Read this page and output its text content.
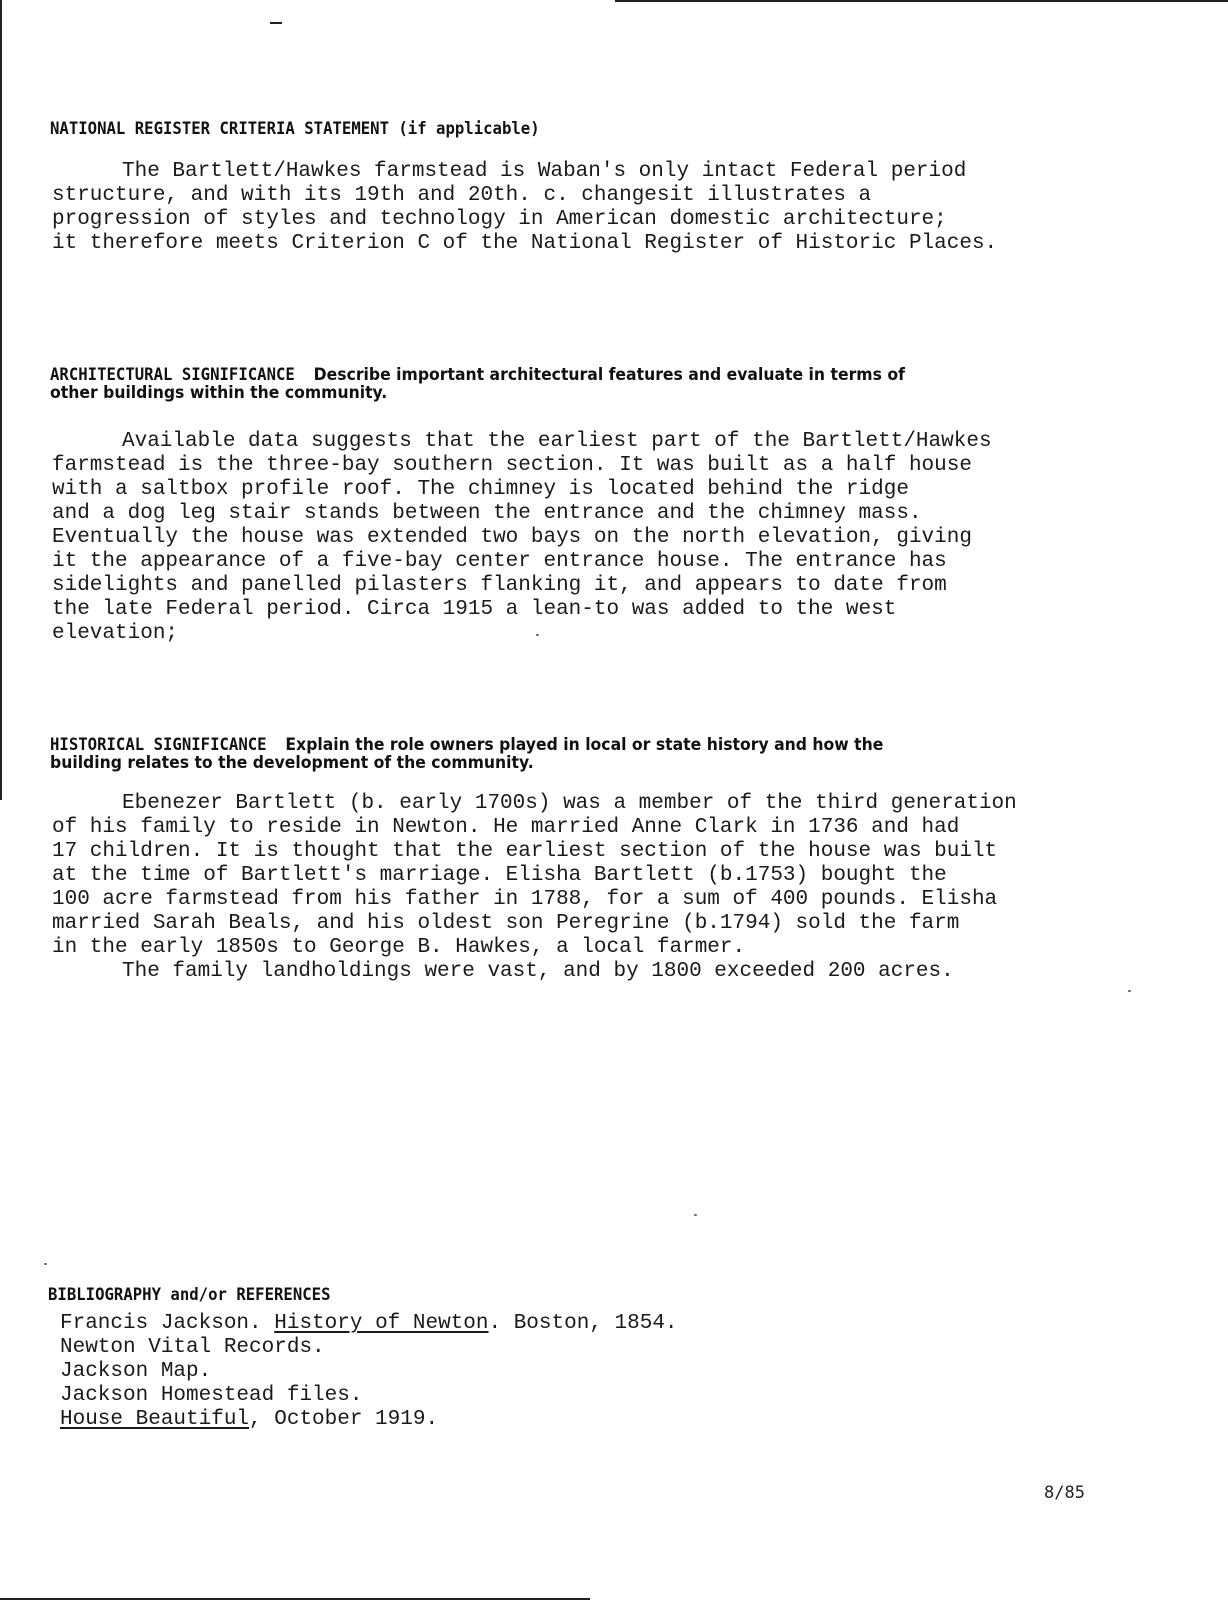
NATIONAL REGISTER CRITERIA STATEMENT (if applicable)
The Bartlett/Hawkes farmstead is Waban's only intact Federal period
structure, and with its 19th and 20th. c. changesit illustrates a
progression of styles and technology in American domestic architecture;
it therefore meets Criterion C of the National Register of Historic Places.
ARCHITECTURAL SIGNIFICANCE Describe important architectural features and evaluate in terms of
other buildings within the community.
Available data suggests that the earliest part of the Bartlett/Hawkes
farmstead is the three-bay southern section. It was built as a half house
with a saltbox profile roof. The chimney is located behind the ridge
and a dog leg stair stands between the entrance and the chimney mass.
Eventually the house was extended two bays on the north elevation, giving
it the appearance of a five-bay center entrance house. The entrance has
sidelights and panelled pilasters flanking it, and appears to date from
the late Federal period. Circa 1915 a lean-to was added to the west
elevation;
HISTORICAL SIGNIFICANCE Explain the role owners played in local or state history and how the
building relates to the development of the community.
Ebenezer Bartlett (b. early 1700s) was a member of the third generation
of his family to reside in Newton. He married Anne Clark in 1736 and had
17 children. It is thought that the earliest section of the house was built
at the time of Bartlett's marriage. Elisha Bartlett (b.1753) bought the
100 acre farmstead from his father in 1788, for a sum of 400 pounds. Elisha
married Sarah Beals, and his oldest son Peregrine (b.1794) sold the farm
in the early 1850s to George B. Hawkes, a local farmer.
The family landholdings were vast, and by 1800 exceeded 200 acres.
BIBLIOGRAPHY and/or REFERENCES
Francis Jackson. History of Newton. Boston, 1854.
Newton Vital Records.
Jackson Map.
Jackson Homestead files.
House Beautiful, October 1919.
8/85
